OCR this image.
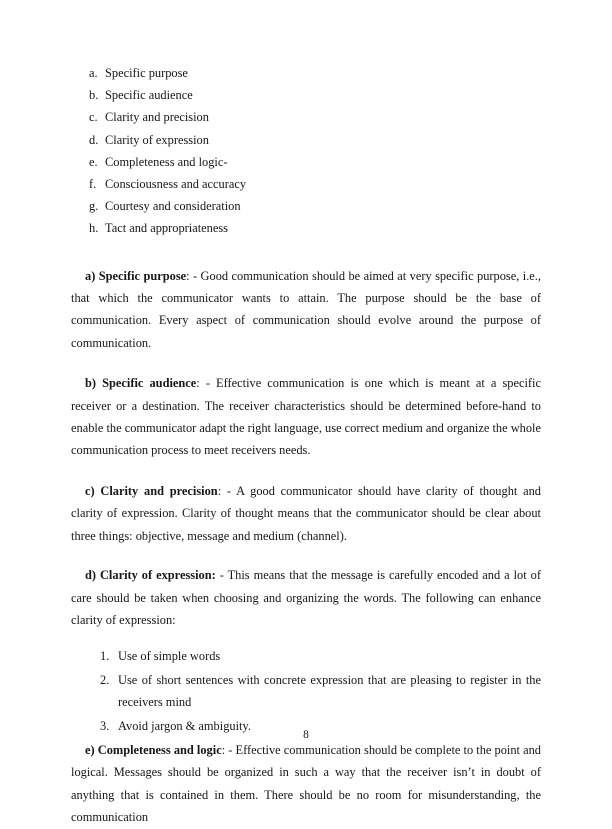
a. Specific purpose
b. Specific audience
c. Clarity and precision
d. Clarity of expression
e. Completeness and logic-
f. Consciousness and accuracy
g. Courtesy and consideration
h. Tact and appropriateness

a) Specific purpose: - Good communication should be aimed at very specific purpose, i.e., that which the communicator wants to attain. The purpose should be the base of communication. Every aspect of communication should evolve around the purpose of communication.

b) Specific audience: - Effective communication is one which is meant at a specific receiver or a destination. The receiver characteristics should be determined before-hand to enable the communicator adapt the right language, use correct medium and organize the whole communication process to meet receivers needs.

c) Clarity and precision: - A good communicator should have clarity of thought and clarity of expression. Clarity of thought means that the communicator should be clear about three things: objective, message and medium (channel).

d) Clarity of expression: - This means that the message is carefully encoded and a lot of care should be taken when choosing and organizing the words. The following can enhance clarity of expression:

1. Use of simple words
2. Use of short sentences with concrete expression that are pleasing to register in the receivers mind
3. Avoid jargon & ambiguity.

e) Completeness and logic: - Effective communication should be complete to the point and logical. Messages should be organized in such a way that the receiver isn’t in doubt of anything that is contained in them. There should be no room for misunderstanding, the communication

8
